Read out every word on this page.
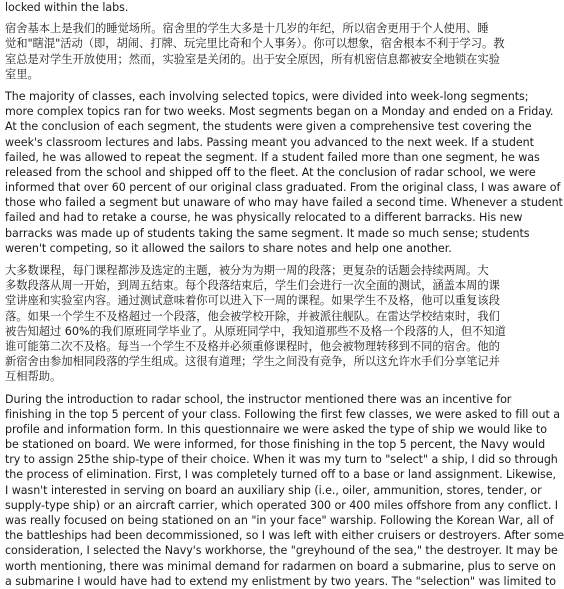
locked within the labs.
宿舍基本上是我们的睡觉场所。宿舍里的学生大多是十几岁的年纪，所以宿舍更用于个人使用、睡
觉和"瞎混"活动（即，胡闹、打牌、玩完里比奇和个人事务）。你可以想象，宿舍根本不利于学习。教
室总是对学生开放使用；然而，实验室是关闭的。出于安全原因，所有机密信息都被安全地锁在实验
室里。
The majority of classes, each involving selected topics, were divided into week-long segments;
more complex topics ran for two weeks. Most segments began on a Monday and ended on a Friday.
At the conclusion of each segment, the students were given a comprehensive test covering the
week's classroom lectures and labs. Passing meant you advanced to the next week. If a student
failed, he was allowed to repeat the segment. If a student failed more than one segment, he was
released from the school and shipped off to the fleet. At the conclusion of radar school, we were
informed that over 60 percent of our original class graduated. From the original class, I was aware of
those who failed a segment but unaware of who may have failed a second time. Whenever a student
failed and had to retake a course, he was physically relocated to a different barracks. His new
barracks was made up of students taking the same segment. It made so much sense; students
weren't competing, so it allowed the sailors to share notes and help one another.
大多数课程，每门课程都涉及选定的主题，被分为为期一周的段落；更复杂的话题会持续两周。大
多数段落从周一开始，到周五结束。每个段落结束后，学生们会进行一次全面的测试，涵盖本周的课
堂讲座和实验室内容。通过测试意味着你可以进入下一周的课程。如果学生不及格，他可以重复该段
落。如果一个学生不及格超过一个段落，他会被学校开除，并被派往舰队。在雷达学校结束时，我们
被告知超过 60%的我们原班同学毕业了。从原班同学中，我知道那些不及格一个段落的人，但不知道
谁可能第二次不及格。每当一个学生不及格并必须重修课程时，他会被物理转移到不同的宿舍。他的
新宿舍由参加相同段落的学生组成。这很有道理；学生之间没有竞争，所以这允许水手们分享笔记并
互相帮助。
During the introduction to radar school, the instructor mentioned there was an incentive for
finishing in the top 5 percent of your class. Following the first few classes, we were asked to fill out a
profile and information form. In this questionnaire we were asked the type of ship we would like to
be stationed on board. We were informed, for those finishing in the top 5 percent, the Navy would
try to assign 25the ship-type of their choice. When it was my turn to "select" a ship, I did so through
the process of elimination. First, I was completely turned off to a base or land assignment. Likewise,
I wasn't interested in serving on board an auxiliary ship (i.e., oiler, ammunition, stores, tender, or
supply-type ship) or an aircraft carrier, which operated 300 or 400 miles offshore from any conflict. I
was really focused on being stationed on an "in your face" warship. Following the Korean War, all of
the battleships had been decommissioned, so I was left with either cruisers or destroyers. After some
consideration, I selected the Navy's workhorse, the "greyhound of the sea," the destroyer. It may be
worth mentioning, there was minimal demand for radarmen on board a submarine, plus to serve on
a submarine I would have had to extend my enlistment by two years. The "selection" was limited to
